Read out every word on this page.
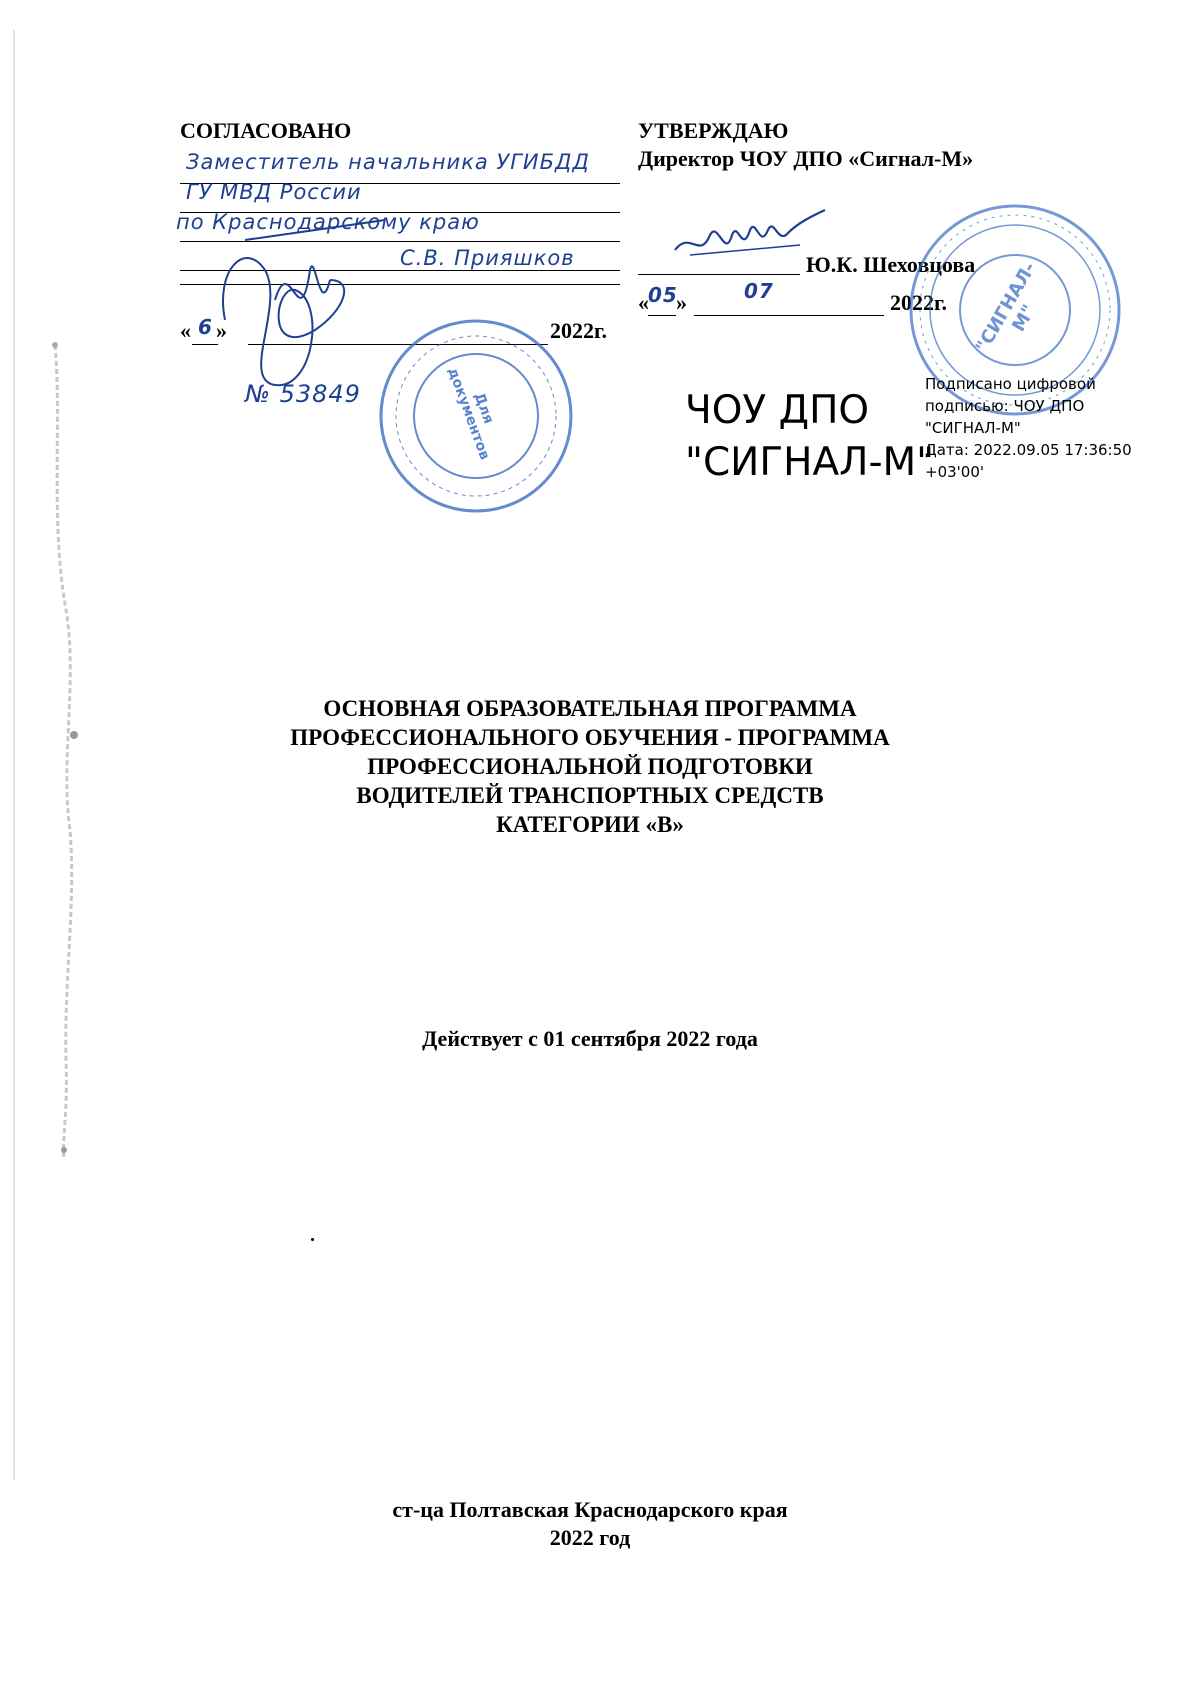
СОГЛАСОВАНО
Заместитель начальника УГИБДД
ГУ МВД России
по Краснодарскому краю
С.В. Прияшков
« 6 »	2022г.
№ 53849	Для документов
УТВЕРЖДАЮ
Директор ЧОУ ДПО «Сигнал-М»
Ю.К. Шеховцова
« 05
»	07	2022г. "СИГНАЛ-М"
ЧОУ ДПО
"СИГНАЛ-М"
Подписано цифровой
подписью: ЧОУ ДПО
"СИГНАЛ-М"
Дата: 2022.09.05 17:36:50
+03'00'
ОСНОВНАЯ ОБРАЗОВАТЕЛЬНАЯ ПРОГРАММА
ПРОФЕССИОНАЛЬНОГО ОБУЧЕНИЯ - ПРОГРАММА
ПРОФЕССИОНАЛЬНОЙ ПОДГОТОВКИ
ВОДИТЕЛЕЙ ТРАНСПОРТНЫХ СРЕДСТВ
КАТЕГОРИИ «В»
Действует с 01 сентября 2022 года
ст-ца Полтавская Краснодарского края
2022 год
